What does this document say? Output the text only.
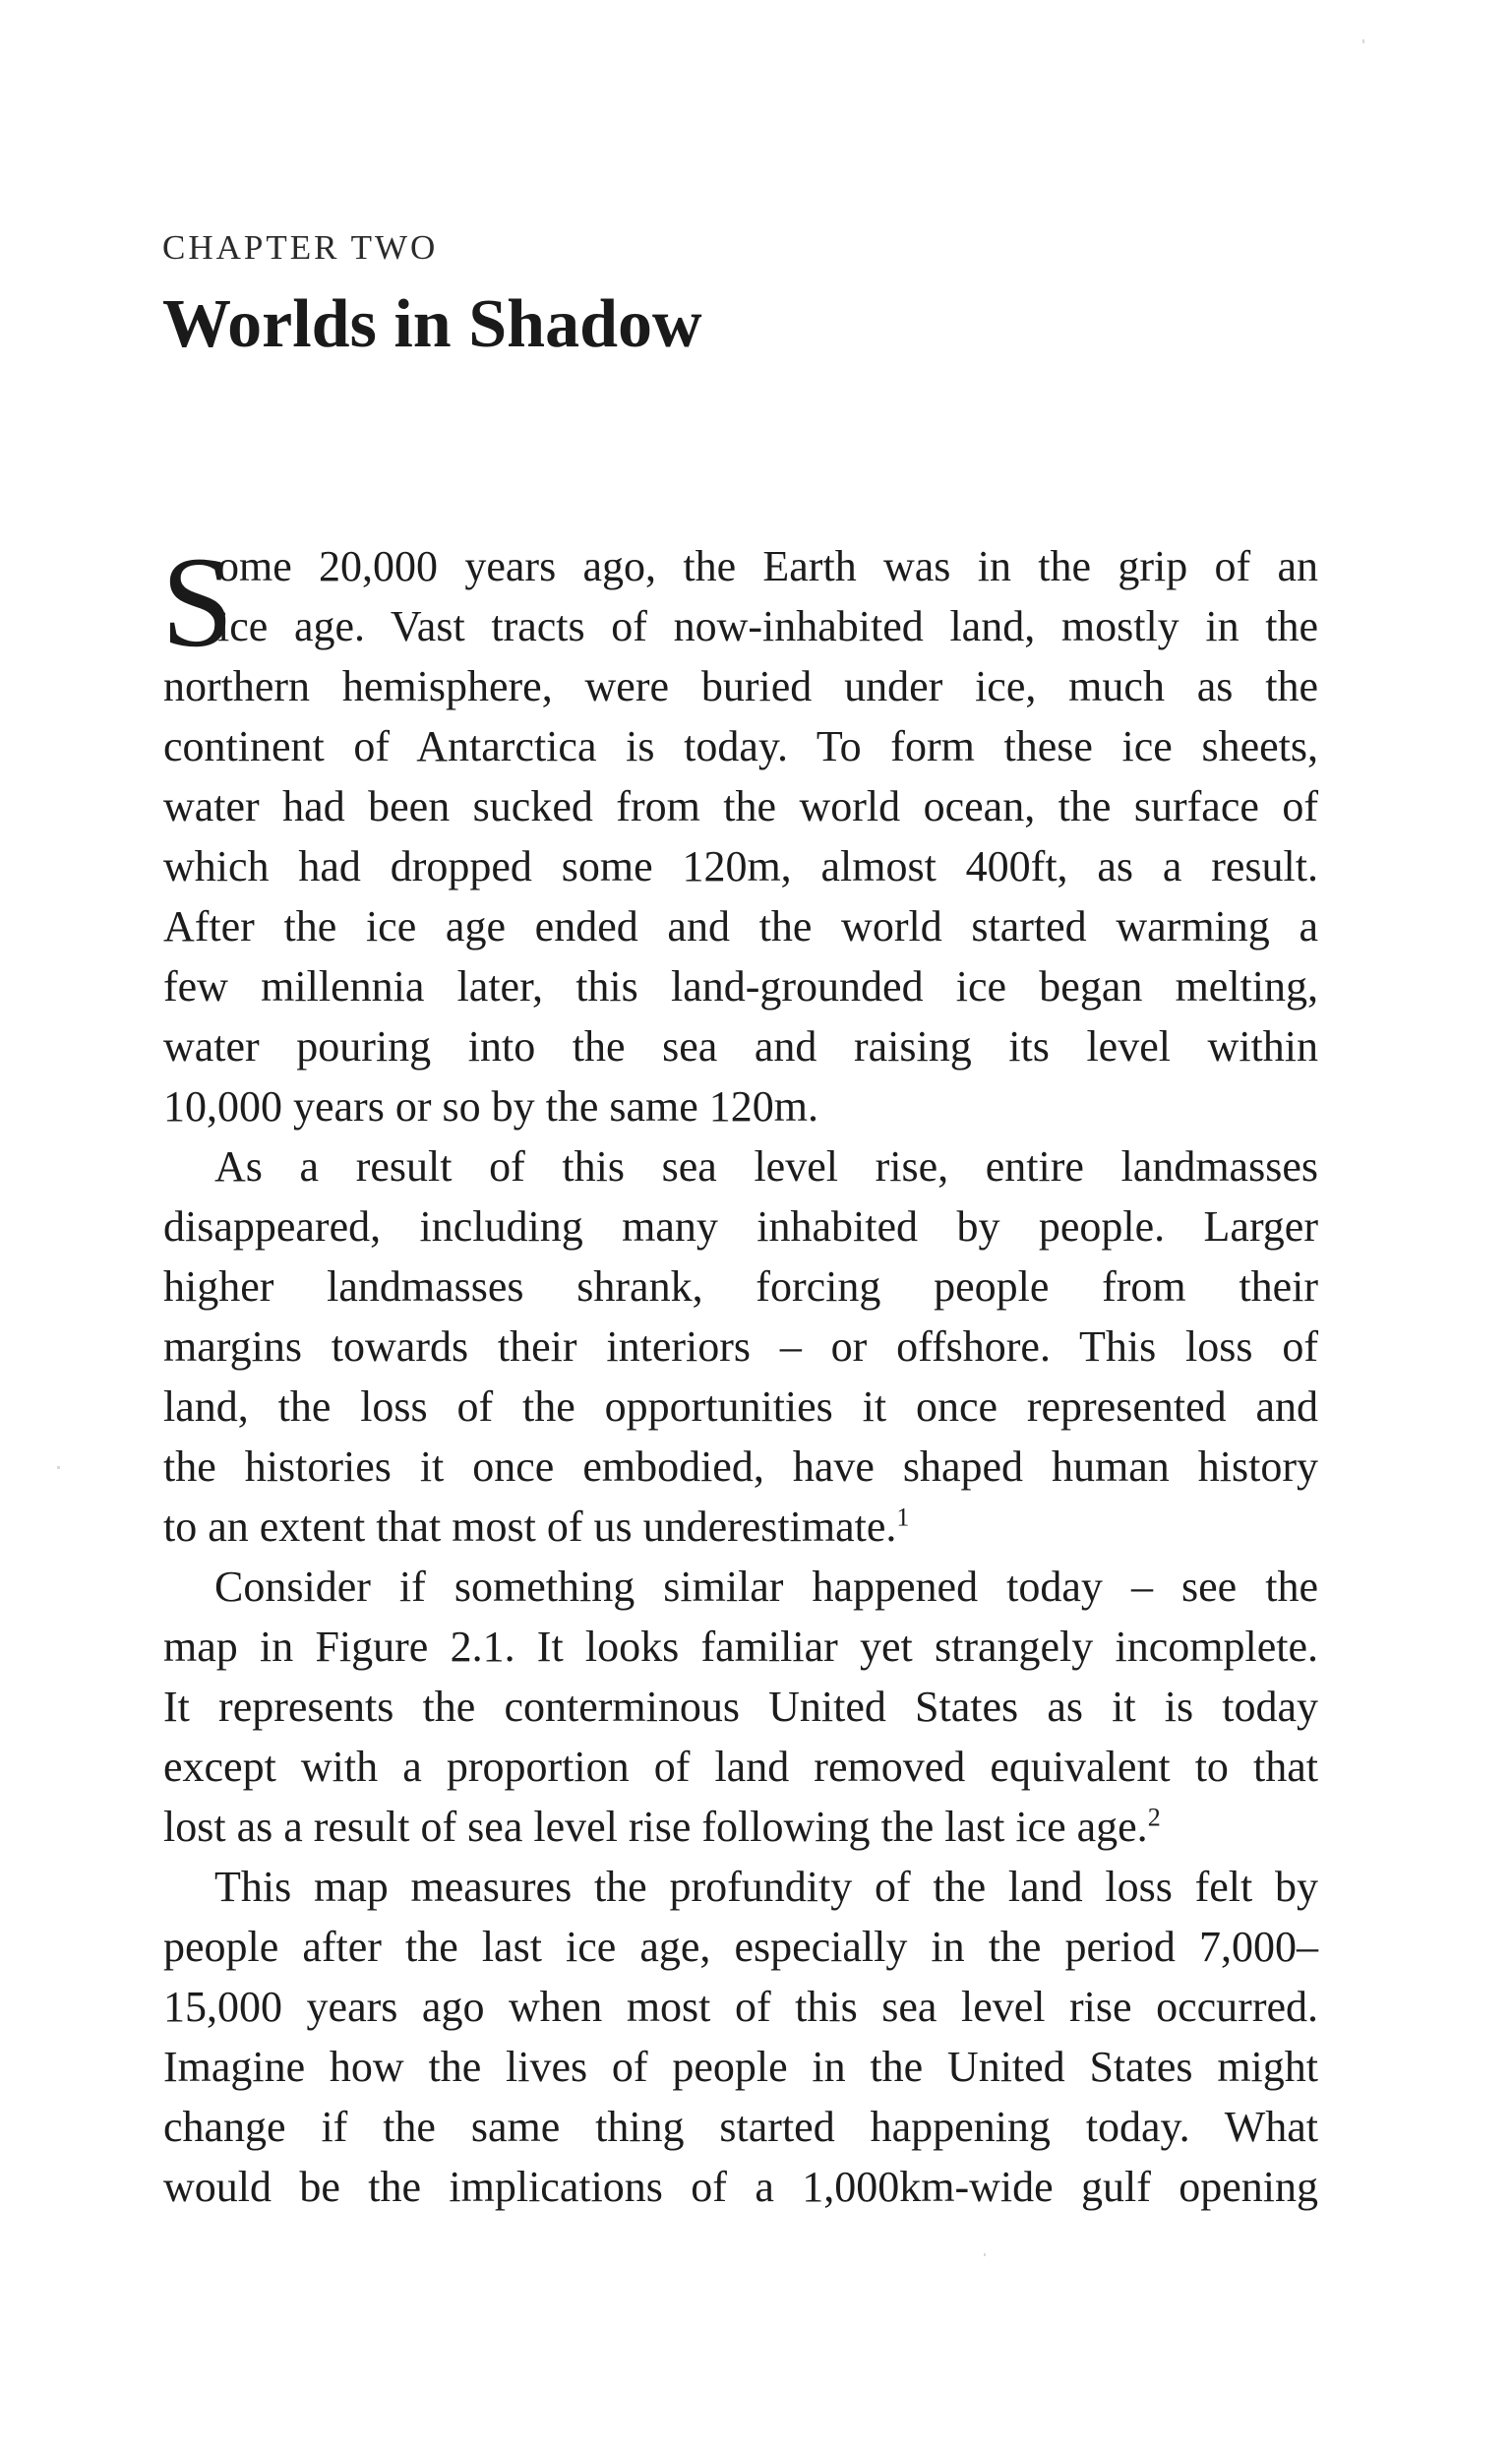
CHAPTER TWO
Worlds in Shadow
S
ome 20,000 years ago, the Earth was in the grip of an
ice age. Vast tracts of now-inhabited land, mostly in the
northern hemisphere, were buried under ice, much as the
continent of Antarctica is today. To form these ice sheets,
water had been sucked from the world ocean, the surface of
which had dropped some 120m, almost 400ft, as a result.
After the ice age ended and the world started warming a
few millennia later, this land-grounded ice began melting,
water pouring into the sea and raising its level within
10,000 years or so by the same 120m.
As a result of this sea level rise, entire landmasses
disappeared, including many inhabited by people. Larger
higher landmasses shrank, forcing people from their
margins towards their interiors – or offshore. This loss of
land, the loss of the opportunities it once represented and
the histories it once embodied, have shaped human history
to an extent that most of us underestimate.$^1$
Consider if something similar happened today – see the
map in Figure 2.1. It looks familiar yet strangely incomplete.
It represents the conterminous United States as it is today
except with a proportion of land removed equivalent to that
lost as a result of sea level rise following the last ice age.$^2$
This map measures the profundity of the land loss felt by
people after the last ice age, especially in the period 7,000–
15,000 years ago when most of this sea level rise occurred.
Imagine how the lives of people in the United States might
change if the same thing started happening today. What
would be the implications of a 1,000km-wide gulf opening
